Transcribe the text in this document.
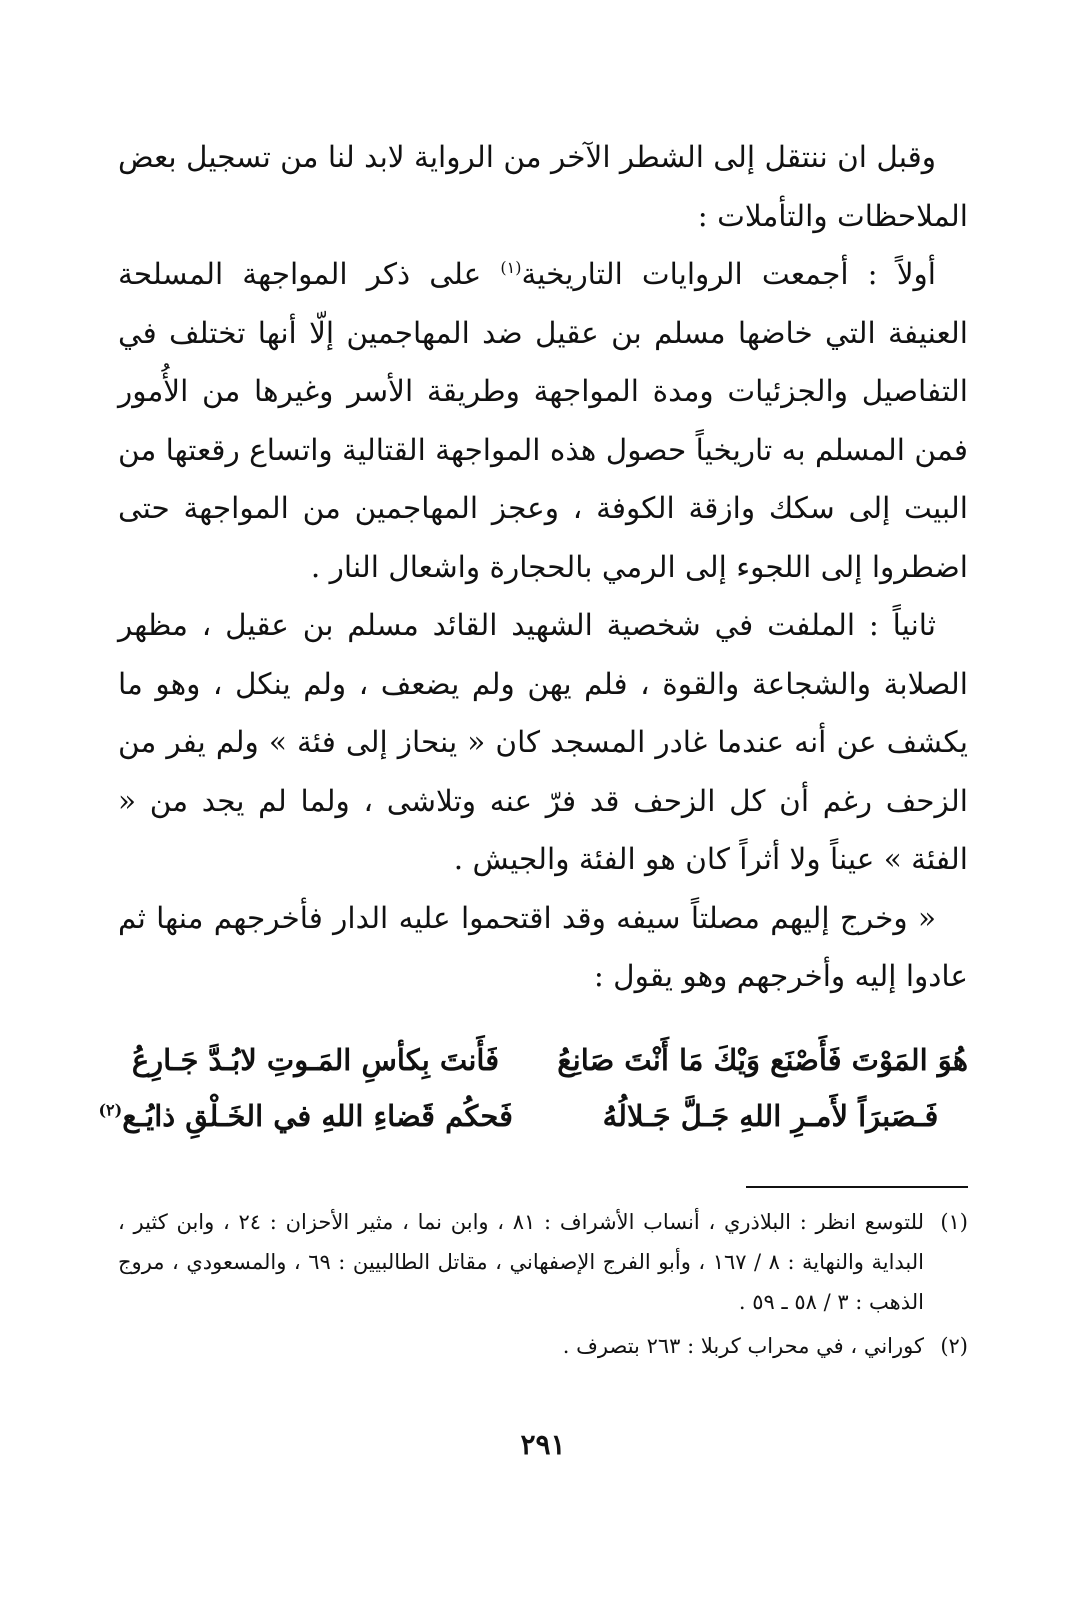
وقبل ان ننتقل إلى الشطر الآخر من الرواية لابد لنا من تسجيل بعض الملاحظات والتأملات :

أولاً : أجمعت الروايات التاريخية$^{(١)}$ على ذكر المواجهة المسلحة العنيفة التي خاضها مسلم بن عقيل ضد المهاجمين إلّا أنها تختلف في التفاصيل والجزئيات ومدة المواجهة وطريقة الأسر وغيرها من الأُمور فمن المسلم به تاريخياً حصول هذه المواجهة القتالية واتساع رقعتها من البيت إلى سكك وازقة الكوفة ، وعجز المهاجمين من المواجهة حتى اضطروا إلى اللجوء إلى الرمي بالحجارة واشعال النار .

ثانياً : الملفت في شخصية الشهيد القائد مسلم بن عقيل ، مظهر الصلابة والشجاعة والقوة ، فلم يهن ولم يضعف ، ولم ينكل ، وهو ما يكشف عن أنه عندما غادر المسجد كان « ينحاز إلى فئة » ولم يفر من الزحف رغم أن كل الزحف قد فرّ عنه وتلاشى ، ولما لم يجد من « الفئة » عيناً ولا أثراً كان هو الفئة والجيش .

« وخرج إليهم مصلتاً سيفه وقد اقتحموا عليه الدار فأخرجهم منها ثم عادوا إليه وأخرجهم وهو يقول :

هُوَ المَوْتَ فَأَصْنَع وَيْكَ مَا أَنْتَ صَانِعُ
فَأَنتَ بِكأسِ المَـوتِ لابُـدَّ جَـارِعُ
فَـصَبرَاً لأَمـرِ اللهِ جَـلَّ جَـلالُهُ
فَحكُم قَضاءِ اللهِ في الخَـلْقِ ذايُـع$^{(٢)}$
(١)
للتوسع انظر : البلاذري ، أنساب الأشراف : ٨١ ، وابن نما ، مثير الأحزان : ٢٤ ، وابن كثير ، البداية والنهاية : ٨ / ١٦٧ ، وأبو الفرج الإصفهاني ، مقاتل الطالبيين : ٦٩ ، والمسعودي ، مروج الذهب : ٣ / ٥٨ ـ ٥٩ .
(٢)
كوراني ، في محراب كربلا : ٢٦٣ بتصرف .
٢٩١
